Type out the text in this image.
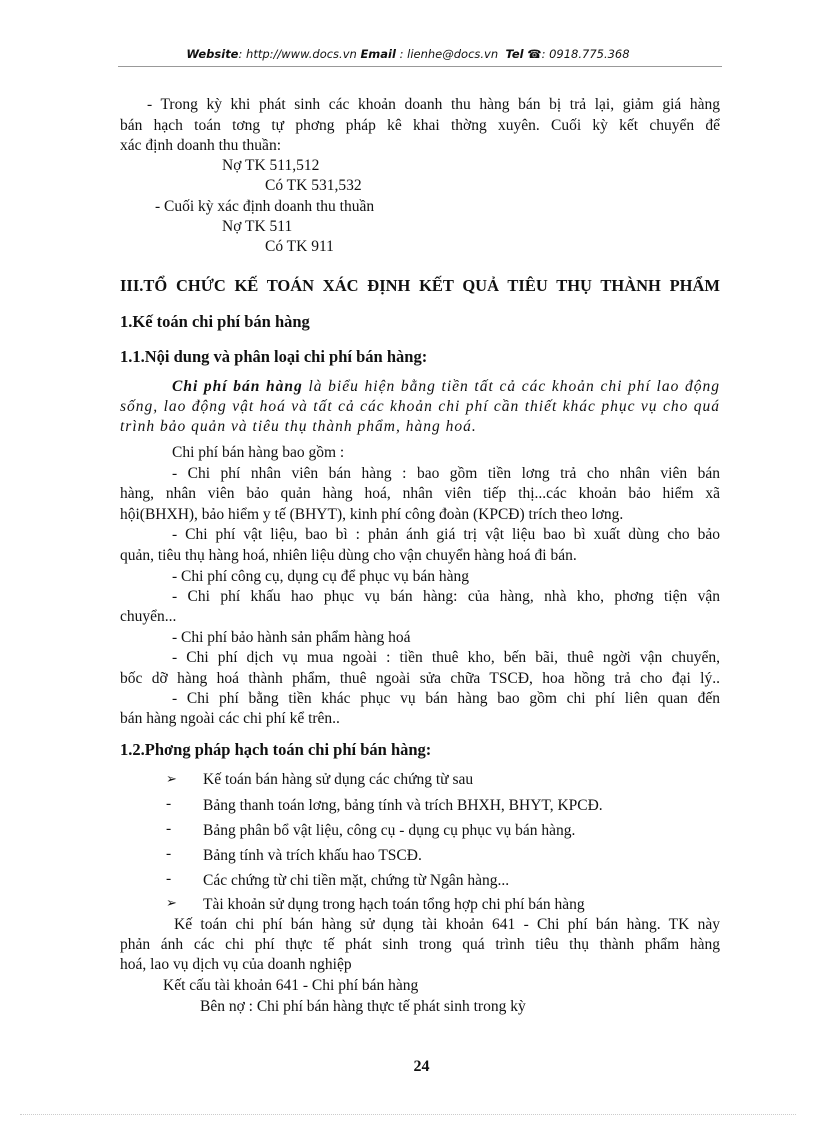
Website: http://www.docs.vn Email : lienhe@docs.vn Tel ☎: 0918.775.368
- Trong kỳ khi phát sinh các khoản doanh thu hàng bán bị trả lại, giảm giá hàng
bán hạch toán tơng tự phơng pháp kê khai thờng xuyên. Cuối kỳ kết chuyển để
xác định doanh thu thuần:
Nợ TK 511,512
Có TK 531,532
- Cuối kỳ xác định doanh thu thuần
Nợ TK 511
Có TK 911
III.TỔ CHỨC KẾ TOÁN XÁC ĐỊNH KẾT QUẢ TIÊU THỤ THÀNH PHẨM
1.Kế toán chi phí bán hàng
1.1.Nội dung và phân loại chi phí bán hàng:
Chi phí bán hàng là biểu hiện bằng tiền tất cả các khoản chi phí lao động
sống, lao động vật hoá và tất cả các khoản chi phí cần thiết khác phục vụ cho quá
trình bảo quản và tiêu thụ thành phẩm, hàng hoá.
Chi phí bán hàng bao gồm :
- Chi phí nhân viên bán hàng : bao gồm tiền lơng trả cho nhân viên bán
hàng, nhân viên bảo quản hàng hoá, nhân viên tiếp thị...các khoản bảo hiểm xã
hội(BHXH), bảo hiểm y tế (BHYT), kinh phí công đoàn (KPCĐ) trích theo lơng.
- Chi phí vật liệu, bao bì : phản ánh giá trị vật liệu bao bì xuất dùng cho bảo
quản, tiêu thụ hàng hoá, nhiên liệu dùng cho vận chuyển hàng hoá đi bán.
- Chi phí công cụ, dụng cụ để phục vụ bán hàng
- Chi phí khấu hao phục vụ bán hàng: của hàng, nhà kho, phơng tiện vận
chuyển...
- Chi phí bảo hành sản phẩm hàng hoá
- Chi phí dịch vụ mua ngoài : tiền thuê kho, bến bãi, thuê ngời vận chuyển,
bốc dỡ hàng hoá thành phẩm, thuê ngoài sửa chữa TSCĐ, hoa hồng trả cho đại lý..
- Chi phí bằng tiền khác phục vụ bán hàng bao gồm chi phí liên quan đến
bán hàng ngoài các chi phí kể trên..
1.2.Phơng pháp hạch toán chi phí bán hàng:
➢ Kế toán bán hàng sử dụng các chứng từ sau
- Bảng thanh toán lơng, bảng tính và trích BHXH, BHYT, KPCĐ.
- Bảng phân bổ vật liệu, công cụ - dụng cụ phục vụ bán hàng.
- Bảng tính và trích khấu hao TSCĐ.
- Các chứng từ chi tiền mặt, chứng từ Ngân hàng...
➢ Tài khoản sử dụng trong hạch toán tổng hợp chi phí bán hàng
Kế toán chi phí bán hàng sử dụng tài khoản 641 - Chi phí bán hàng. TK này
phản ánh các chi phí thực tế phát sinh trong quá trình tiêu thụ thành phẩm hàng
hoá, lao vụ dịch vụ của doanh nghiệp
Kết cấu tài khoản 641 - Chi phí bán hàng
Bên nợ : Chi phí bán hàng thực tế phát sinh trong kỳ
24
